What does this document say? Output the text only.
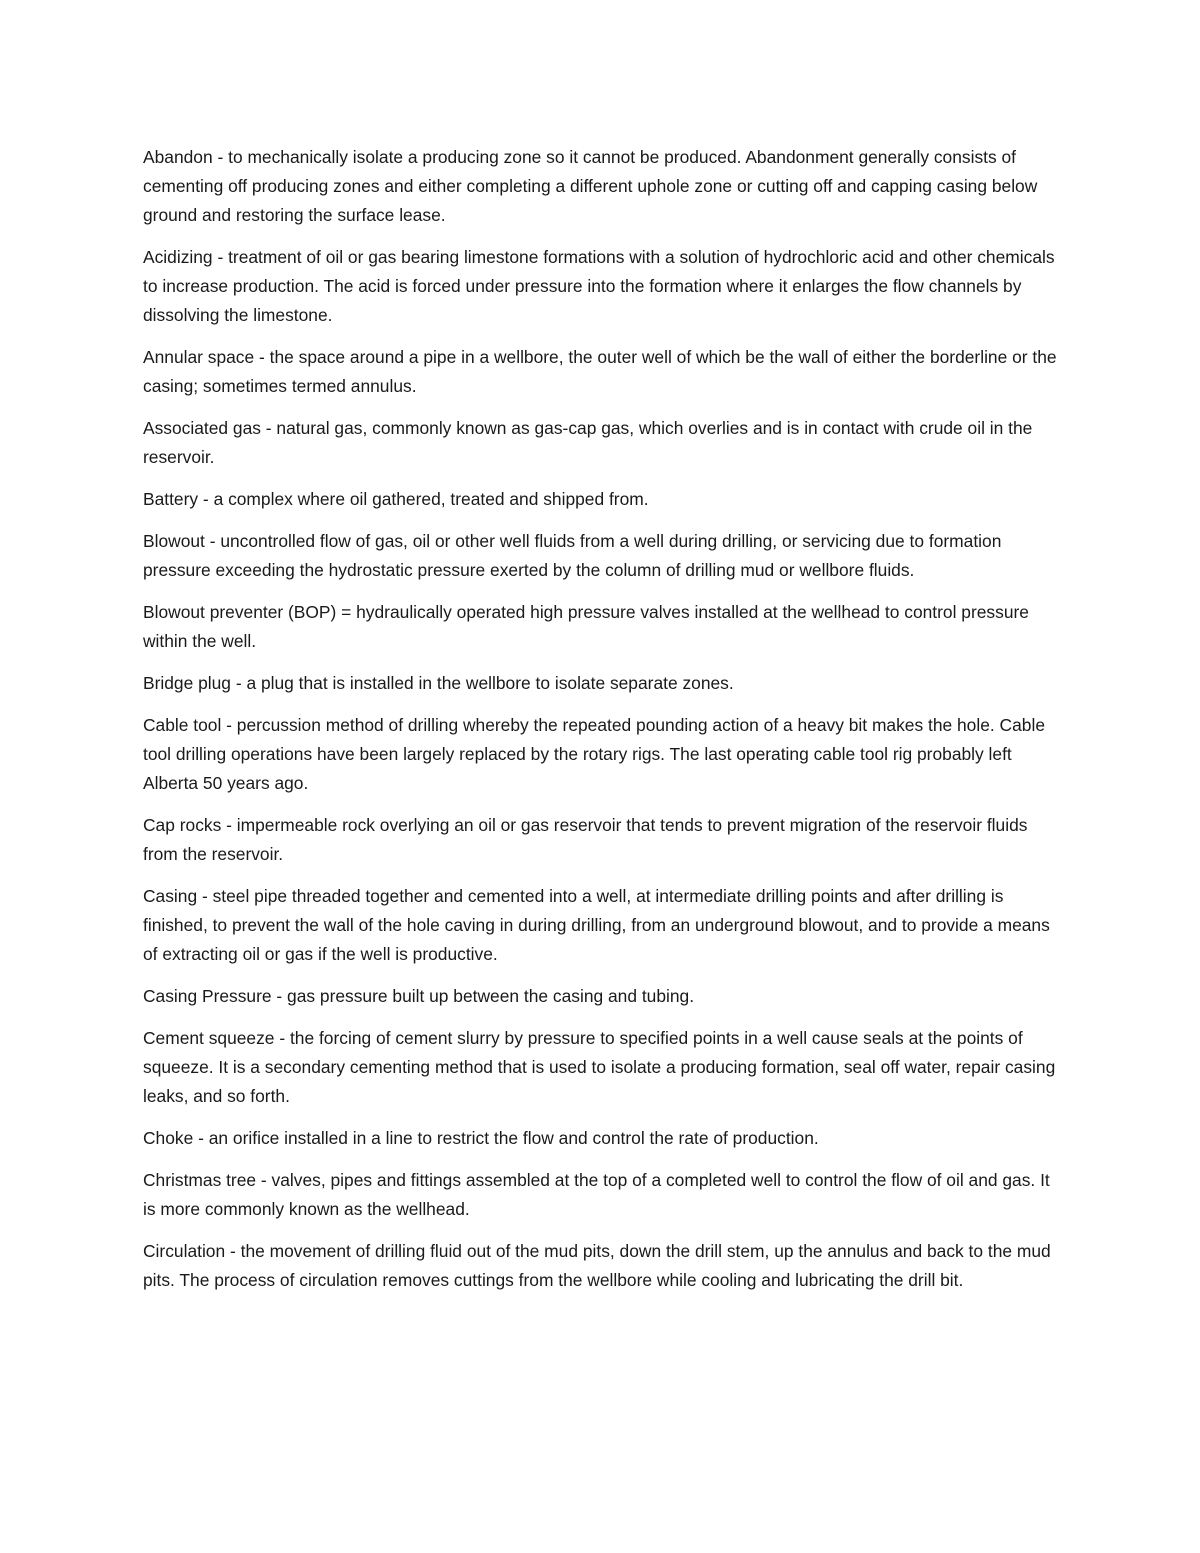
Abandon - to mechanically isolate a producing zone so it cannot be produced. Abandonment generally consists of cementing off producing zones and either completing a different uphole zone or cutting off and capping casing below ground and restoring the surface lease.

Acidizing - treatment of oil or gas bearing limestone formations with a solution of hydrochloric acid and other chemicals to increase production. The acid is forced under pressure into the formation where it enlarges the flow channels by dissolving the limestone.

Annular space - the space around a pipe in a wellbore, the outer well of which be the wall of either the borderline or the casing; sometimes termed annulus.

Associated gas - natural gas, commonly known as gas-cap gas, which overlies and is in contact with crude oil in the reservoir.

Battery - a complex where oil gathered, treated and shipped from.

Blowout - uncontrolled flow of gas, oil or other well fluids from a well during drilling, or servicing due to formation pressure exceeding the hydrostatic pressure exerted by the column of drilling mud or wellbore fluids.

Blowout preventer (BOP) = hydraulically operated high pressure valves installed at the wellhead to control pressure within the well.

Bridge plug - a plug that is installed in the wellbore to isolate separate zones.

Cable tool - percussion method of drilling whereby the repeated pounding action of a heavy bit makes the hole. Cable tool drilling operations have been largely replaced by the rotary rigs. The last operating cable tool rig probably left Alberta 50 years ago.

Cap rocks - impermeable rock overlying an oil or gas reservoir that tends to prevent migration of the reservoir fluids from the reservoir.

Casing - steel pipe threaded together and cemented into a well, at intermediate drilling points and after drilling is finished, to prevent the wall of the hole caving in during drilling, from an underground blowout, and to provide a means of extracting oil or gas if the well is productive.

Casing Pressure - gas pressure built up between the casing and tubing.

Cement squeeze - the forcing of cement slurry by pressure to specified points in a well cause seals at the points of squeeze. It is a secondary cementing method that is used to isolate a producing formation, seal off water, repair casing leaks, and so forth.

Choke - an orifice installed in a line to restrict the flow and control the rate of production.

Christmas tree - valves, pipes and fittings assembled at the top of a completed well to control the flow of oil and gas. It is more commonly known as the wellhead.

Circulation - the movement of drilling fluid out of the mud pits, down the drill stem, up the annulus and back to the mud pits. The process of circulation removes cuttings from the wellbore while cooling and lubricating the drill bit.
